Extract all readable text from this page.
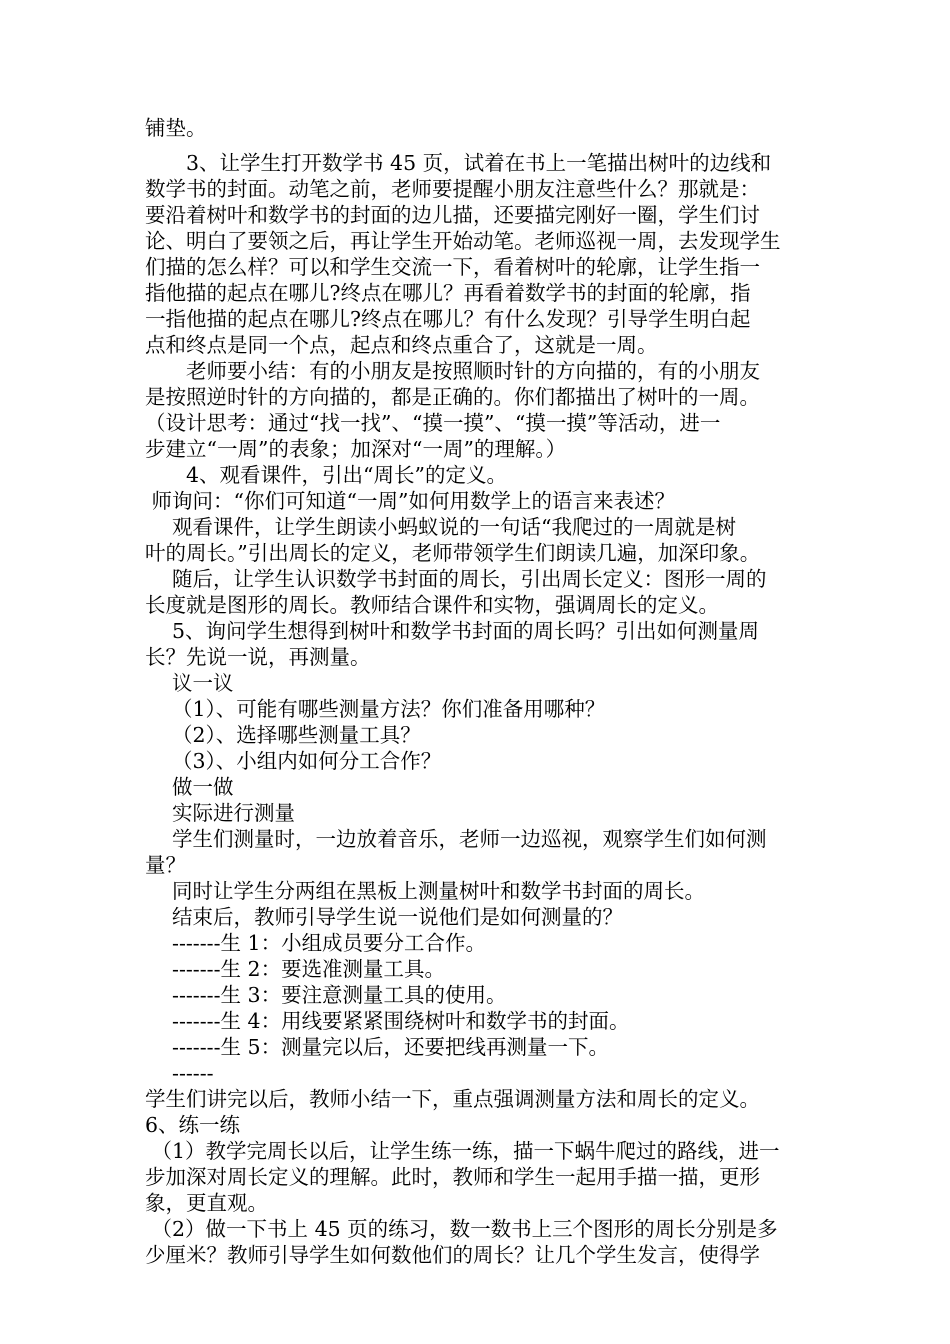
铺垫。
　　3、让学生打开数学书 45 页，试着在书上一笔描出树叶的边线和
数学书的封面。动笔之前，老师要提醒小朋友注意些什么？那就是：
要沿着树叶和数学书的封面的边儿描，还要描完刚好一圈，学生们讨
论、明白了要领之后，再让学生开始动笔。老师巡视一周，去发现学生
们描的怎么样？可以和学生交流一下，看着树叶的轮廓，让学生指一
指他描的起点在哪儿?终点在哪儿？再看着数学书的封面的轮廓，指
一指他描的起点在哪儿?终点在哪儿？有什么发现？引导学生明白起
点和终点是同一个点，起点和终点重合了，这就是一周。
　　老师要小结：有的小朋友是按照顺时针的方向描的，有的小朋友
是按照逆时针的方向描的，都是正确的。你们都描出了树叶的一周。
（设计思考：通过“找一找”、“摸一摸”、“摸一摸”等活动，进一
步建立“一周”的表象；加深对“一周”的理解。）
　　4、观看课件，引出“周长”的定义。
师询问：“你们可知道“一周”如何用数学上的语言来表述？
　 观看课件，让学生朗读小蚂蚁说的一句话“我爬过的一周就是树
叶的周长。”引出周长的定义，老师带领学生们朗读几遍，加深印象。
　 随后，让学生认识数学书封面的周长，引出周长定义：图形一周的
长度就是图形的周长。教师结合课件和实物，强调周长的定义。
　 5、询问学生想得到树叶和数学书封面的周长吗？引出如何测量周
长？先说一说，再测量。
　 议一议
　 （1）、可能有哪些测量方法？你们准备用哪种？
　 （2）、选择哪些测量工具？
　 （3）、小组内如何分工合作？
　 做一做
　 实际进行测量
　 学生们测量时，一边放着音乐，老师一边巡视，观察学生们如何测
量？
　 同时让学生分两组在黑板上测量树叶和数学书封面的周长。
　 结束后，教师引导学生说一说他们是如何测量的？
　 -------生 1：小组成员要分工合作。
　 -------生 2：要选准测量工具。
　 -------生 3：要注意测量工具的使用。
　 -------生 4：用线要紧紧围绕树叶和数学书的封面。
　 -------生 5：测量完以后，还要把线再测量一下。
　 ------
学生们讲完以后，教师小结一下，重点强调测量方法和周长的定义。
6、练一练
（1）教学完周长以后，让学生练一练，描一下蜗牛爬过的路线，进一
步加深对周长定义的理解。此时，教师和学生一起用手描一描，更形
象，更直观。
（2）做一下书上 45 页的练习，数一数书上三个图形的周长分别是多
少厘米？教师引导学生如何数他们的周长？让几个学生发言，使得学
